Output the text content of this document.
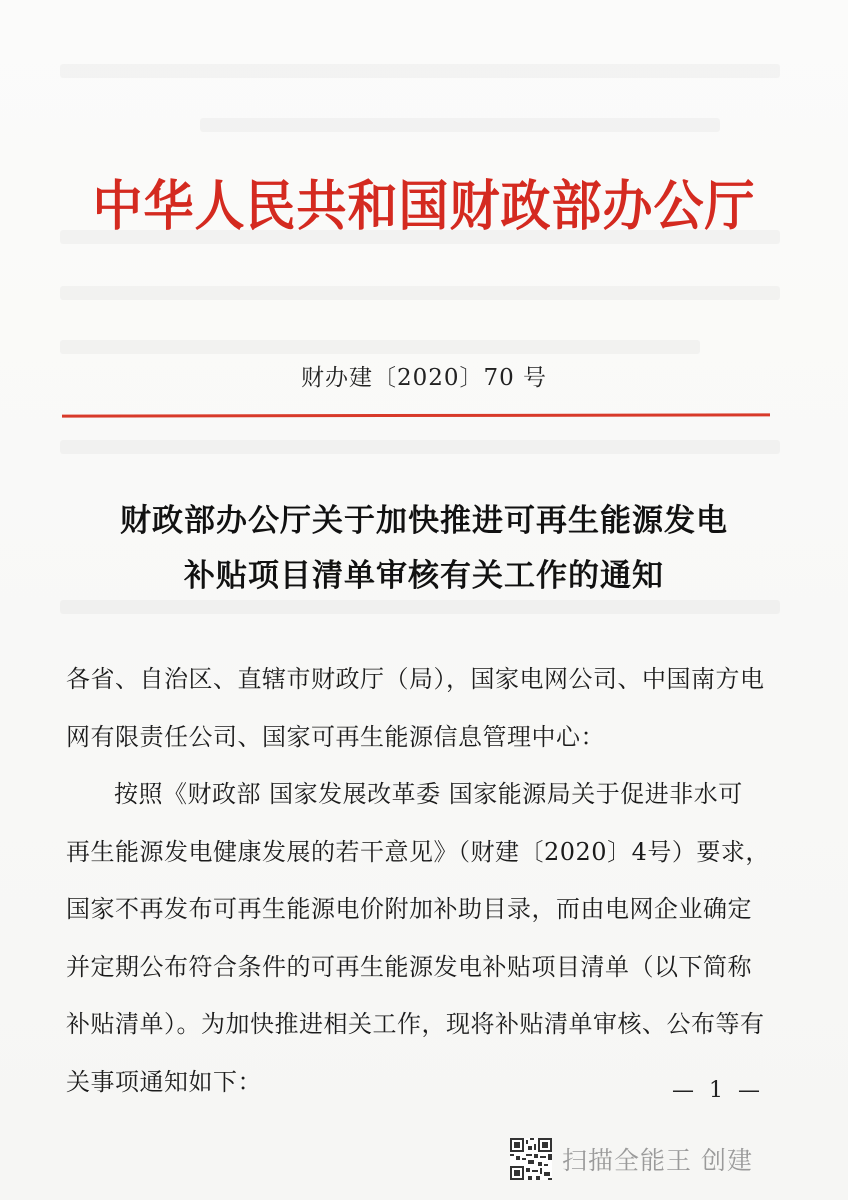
中华人民共和国财政部办公厅
财办建〔2020〕70 号
财政部办公厅关于加快推进可再生能源发电
补贴项目清单审核有关工作的通知

各省、自治区、直辖市财政厅（局），国家电网公司、中国南方电

网有限责任公司、国家可再生能源信息管理中心：

按照《财政部 国家发展改革委 国家能源局关于促进非水可

再生能源发电健康发展的若干意见》（财建〔2020〕4号）要求，

国家不再发布可再生能源电价附加补助目录，而由电网企业确定

并定期公布符合条件的可再生能源发电补贴项目清单（以下简称

补贴清单）。为加快推进相关工作，现将补贴清单审核、公布等有

关事项通知如下：	— 1 —
扫描全能王 创建
